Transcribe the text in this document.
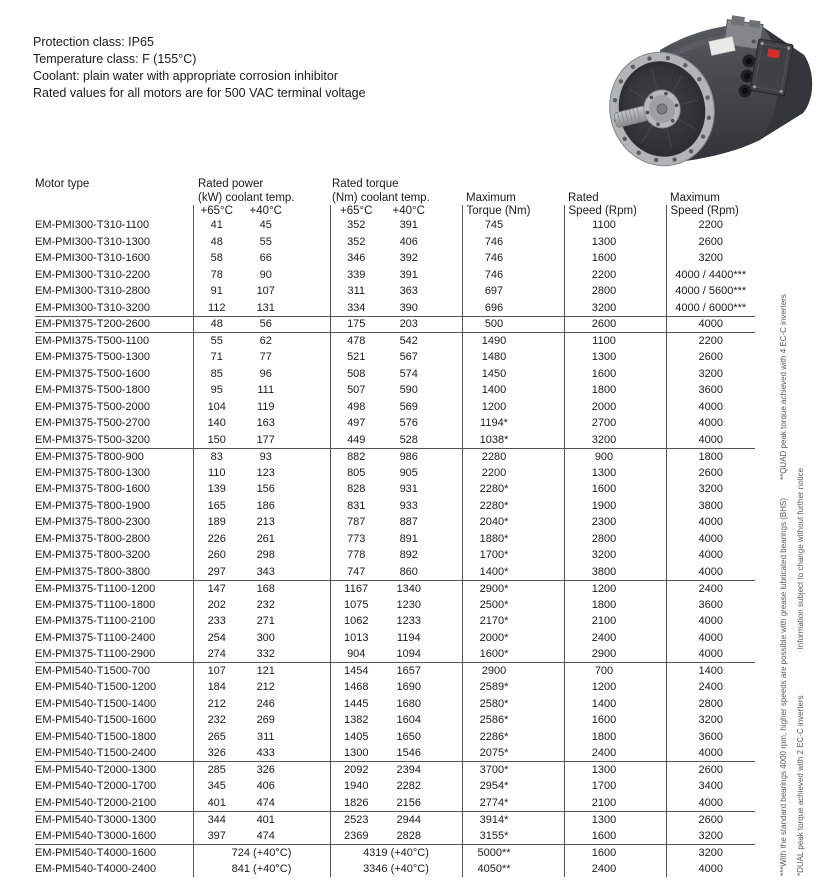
Protection class: IP65
Temperature class: F (155°C)
Coolant: plain water with appropriate corrosion inhibitor
Rated values for all motors are for 500 VAC terminal voltage
Motor type	Rated power		Rated torque				
	(kW) coolant temp.		(Nm) coolant temp.		Maximum	Rated	Maximum
	+65°C	+40°C	+65°C	+40°C	Torque (Nm)	Speed (Rpm)	Speed (Rpm)
EM-PMI300-T310-1100	41	45	352	391	745	1100	2200
EM-PMI300-T310-1300	48	55	352	406	746	1300	2600
EM-PMI300-T310-1600	58	66	346	392	746	1600	3200
EM-PMI300-T310-2200	78	90	339	391	746	2200	4000 / 4400***
EM-PMI300-T310-2800	91	107	311	363	697	2800	4000 / 5600***
EM-PMI300-T310-3200	112	131	334	390	696	3200	4000 / 6000***
EM-PMI375-T200-2600	48	56	175	203	500	2600	4000
EM-PMI375-T500-1100	55	62	478	542	1490	1100	2200
EM-PMI375-T500-1300	71	77	521	567	1480	1300	2600
EM-PMI375-T500-1600	85	96	508	574	1450	1600	3200
EM-PMI375-T500-1800	95	111	507	590	1400	1800	3600
EM-PMI375-T500-2000	104	119	498	569	1200	2000	4000
EM-PMI375-T500-2700	140	163	497	576	1194*	2700	4000
EM-PMI375-T500-3200	150	177	449	528	1038*	3200	4000
EM-PMI375-T800-900	83	93	882	986	2280	900	1800
EM-PMI375-T800-1300	110	123	805	905	2200	1300	2600
EM-PMI375-T800-1600	139	156	828	931	2280*	1600	3200
EM-PMI375-T800-1900	165	186	831	933	2280*	1900	3800
EM-PMI375-T800-2300	189	213	787	887	2040*	2300	4000
EM-PMI375-T800-2800	226	261	773	891	1880*	2800	4000
EM-PMI375-T800-3200	260	298	778	892	1700*	3200	4000
EM-PMI375-T800-3800	297	343	747	860	1400*	3800	4000
EM-PMI375-T1100-1200	147	168	1167	1340	2900*	1200	2400
EM-PMI375-T1100-1800	202	232	1075	1230	2500*	1800	3600
EM-PMI375-T1100-2100	233	271	1062	1233	2170*	2100	4000
EM-PMI375-T1100-2400	254	300	1013	1194	2000*	2400	4000
EM-PMI375-T1100-2900	274	332	904	1094	1600*	2900	4000
EM-PMI540-T1500-700	107	121	1454	1657	2900	700	1400
EM-PMI540-T1500-1200	184	212	1468	1690	2589*	1200	2400
EM-PMI540-T1500-1400	212	246	1445	1680	2580*	1400	2800
EM-PMI540-T1500-1600	232	269	1382	1604	2586*	1600	3200
EM-PMI540-T1500-1800	265	311	1405	1650	2286*	1800	3600
EM-PMI540-T1500-2400	326	433	1300	1546	2075*	2400	4000
EM-PMI540-T2000-1300	285	326	2092	2394	3700*	1300	2600
EM-PMI540-T2000-1700	345	406	1940	2282	2954*	1700	3400
EM-PMI540-T2000-2100	401	474	1826	2156	2774*	2100	4000
EM-PMI540-T3000-1300	344	401	2523	2944	3914*	1300	2600
EM-PMI540-T3000-1600	397	474	2369	2828	3155*	1600	3200
EM-PMI540-T4000-1600	724 (+40°C)		4319 (+40°C)		5000**	1600	3200
EM-PMI540-T4000-2400	841 (+40°C)		3346 (+40°C)		4050**	2400	4000	***With the standard bearings 4000 rpm, higher speeds are possible with grease lubricated bearings (BHS)**QUAD peak torque achieved with 4 EC-C inverters
*DUAL peak torque achieved with 2 EC-C invertersInformation subject to change without further notice
